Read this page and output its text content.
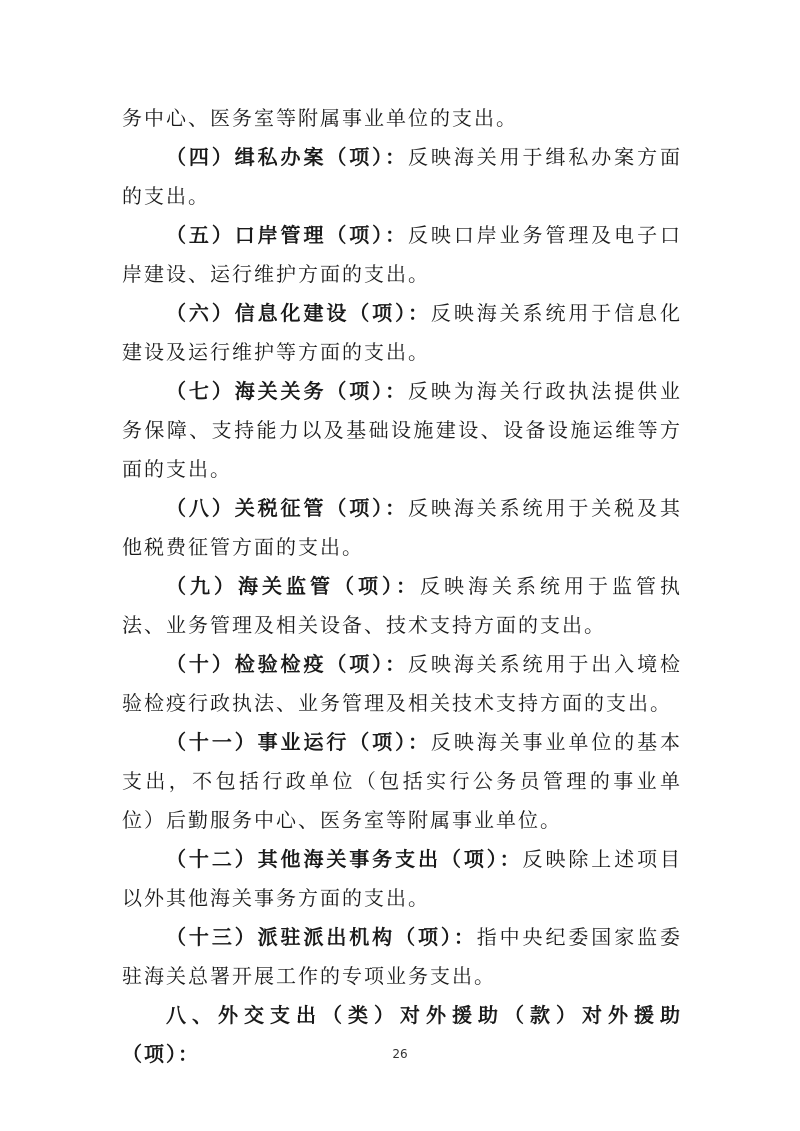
务中心、医务室等附属事业单位的支出。

（四）缉私办案（项）：反映海关用于缉私办案方面的支出。

（五）口岸管理（项）：反映口岸业务管理及电子口岸建设、运行维护方面的支出。

（六）信息化建设（项）：反映海关系统用于信息化建设及运行维护等方面的支出。

（七）海关关务（项）：反映为海关行政执法提供业务保障、支持能力以及基础设施建设、设备设施运维等方面的支出。

（八）关税征管（项）：反映海关系统用于关税及其他税费征管方面的支出。

（九）海关监管（项）：反映海关系统用于监管执法、业务管理及相关设备、技术支持方面的支出。

（十）检验检疫（项）：反映海关系统用于出入境检验检疫行政执法、业务管理及相关技术支持方面的支出。

（十一）事业运行（项）：反映海关事业单位的基本支出，不包括行政单位（包括实行公务员管理的事业单位）后勤服务中心、医务室等附属事业单位。

（十二）其他海关事务支出（项）：反映除上述项目以外其他海关事务方面的支出。

（十三）派驻派出机构（项）：指中央纪委国家监委驻海关总署开展工作的专项业务支出。

八、外交支出（类）对外援助（款）对外援助（项）：	26
